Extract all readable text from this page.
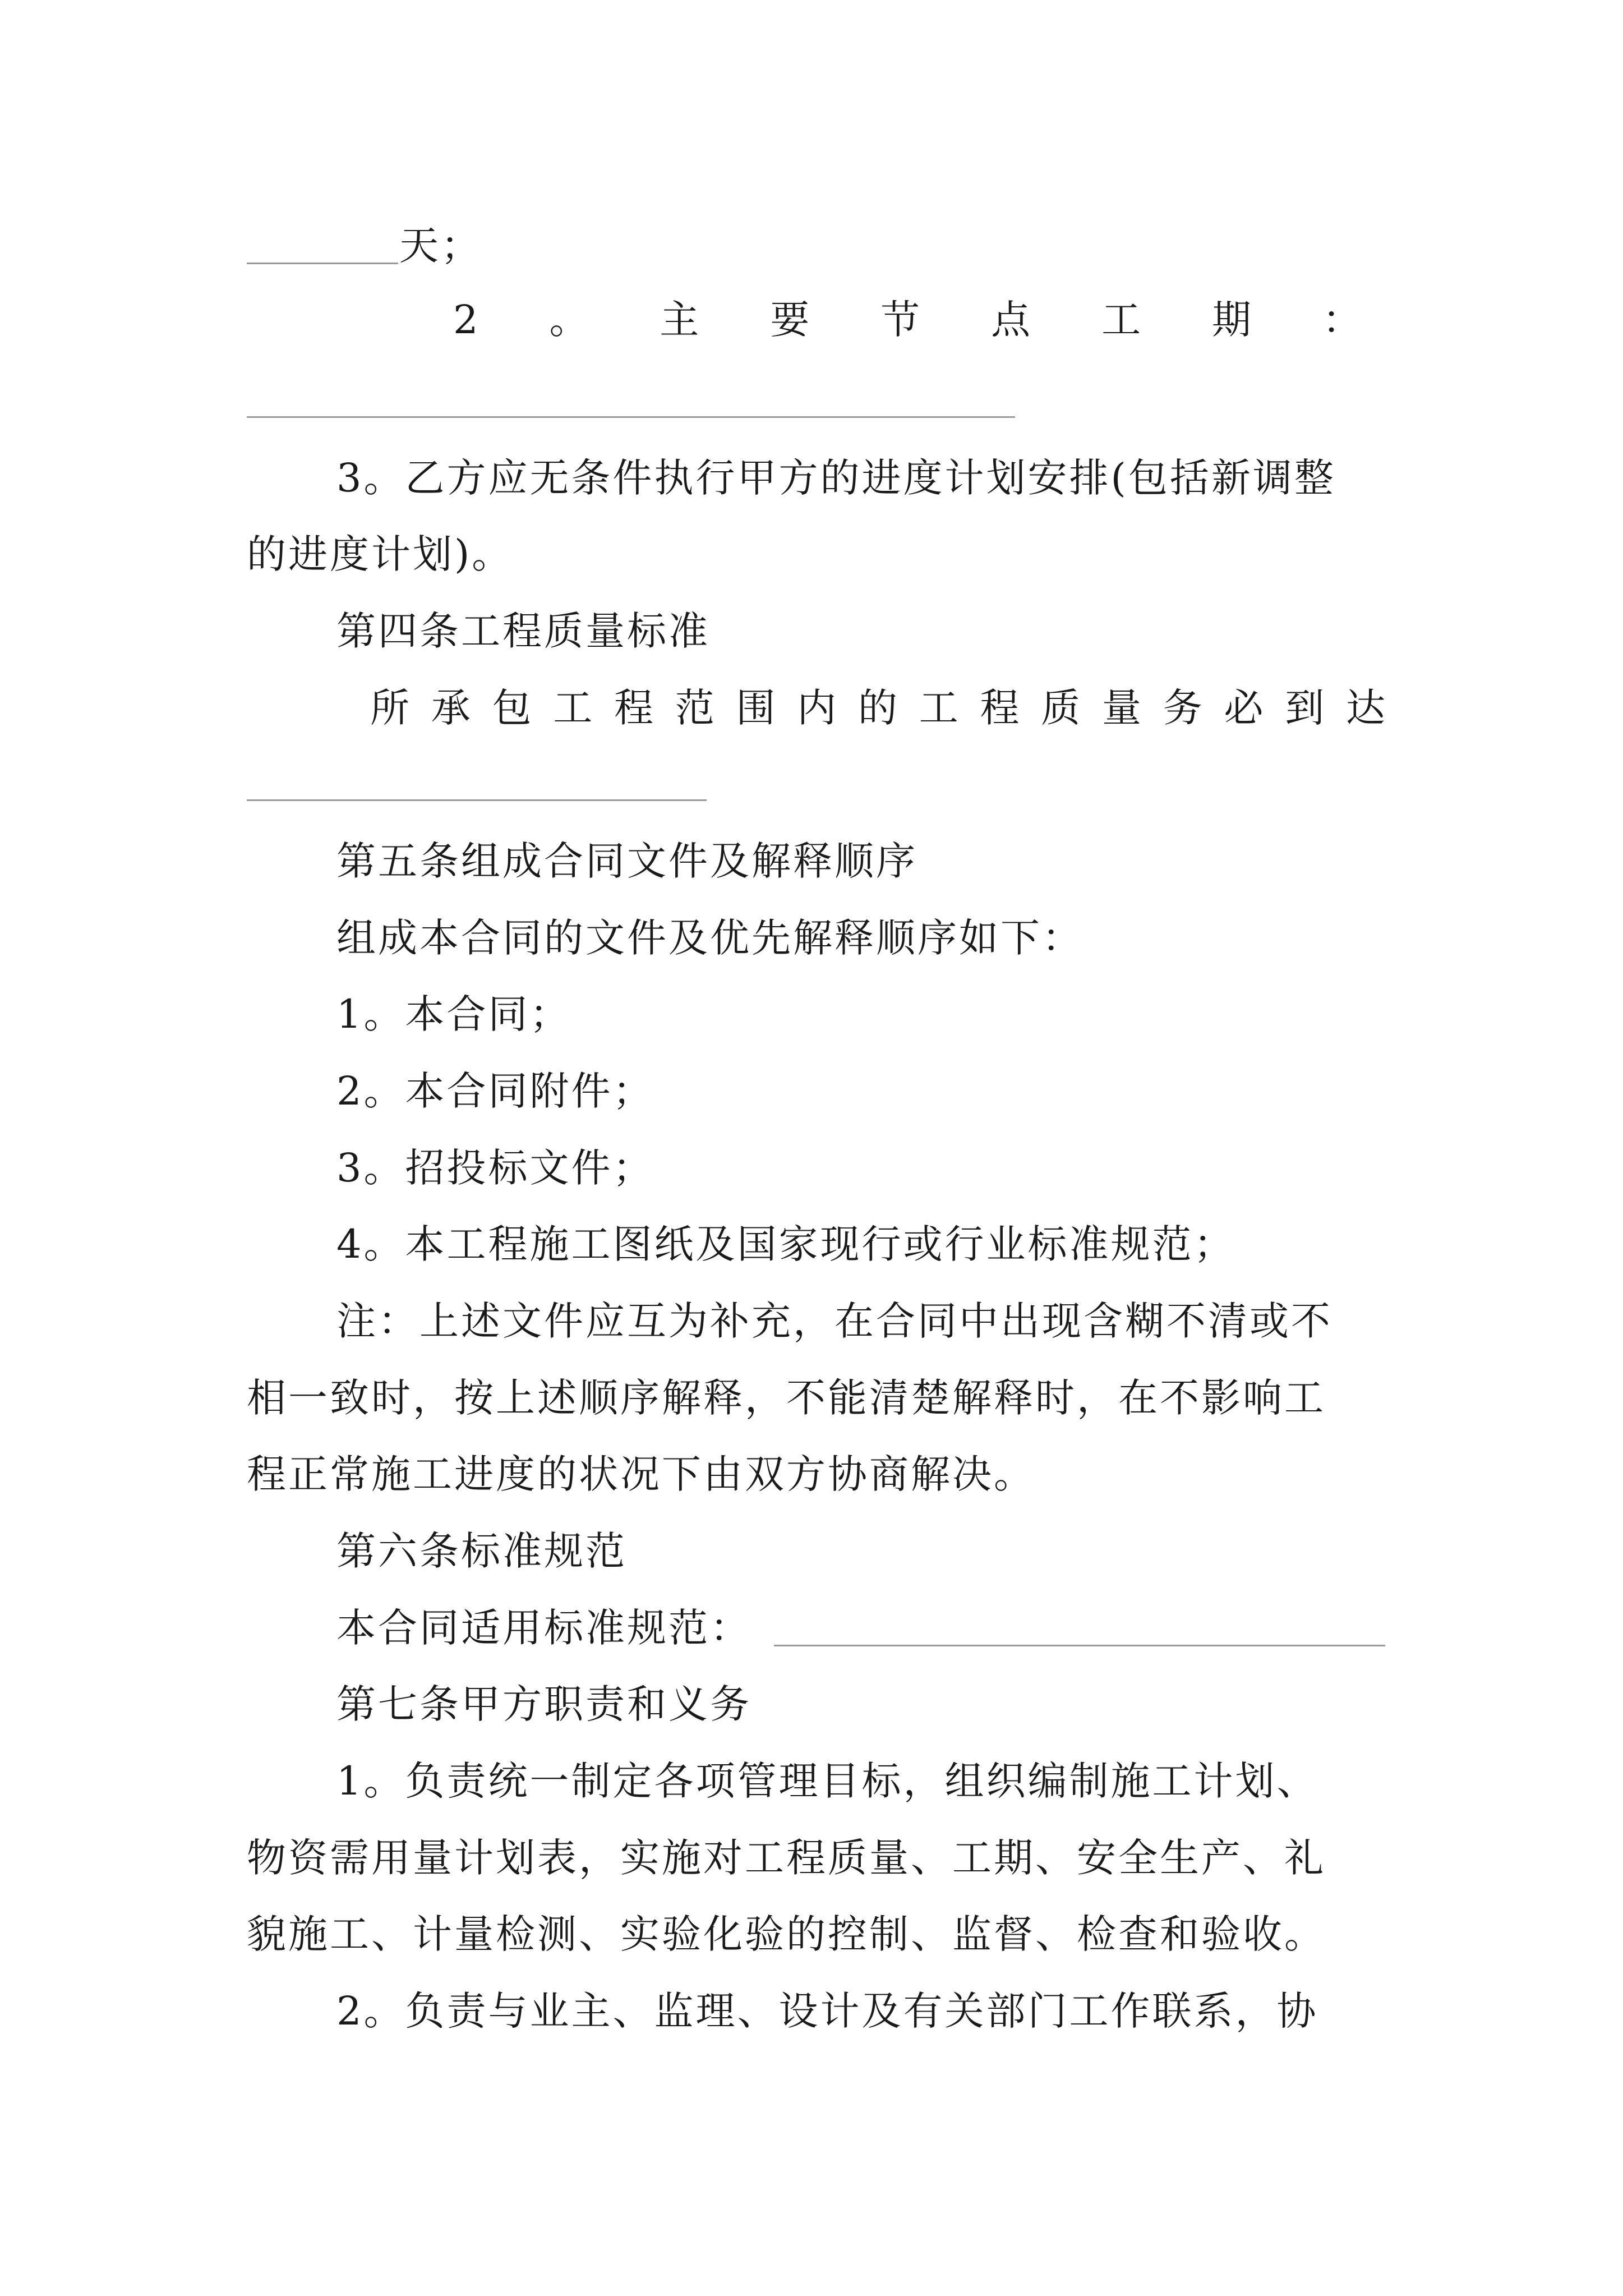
天；
2 。 主 要 节 点 工 期 ：
3。乙方应无条件执行甲方的进度计划安排(包括新调整
的进度计划)。
第四条工程质量标准
所 承 包 工 程 范 围 内 的 工 程 质 量 务 必 到 达
第五条组成合同文件及解释顺序
组成本合同的文件及优先解释顺序如下：
1。本合同；
2。本合同附件；
3。招投标文件；
4。本工程施工图纸及国家现行或行业标准规范；
注：上述文件应互为补充，在合同中出现含糊不清或不
相一致时，按上述顺序解释，不能清楚解释时，在不影响工
程正常施工进度的状况下由双方协商解决。
第六条标准规范
本合同适用标准规范：
第七条甲方职责和义务
1。负责统一制定各项管理目标，组织编制施工计划、
物资需用量计划表，实施对工程质量、工期、安全生产、礼
貌施工、计量检测、实验化验的控制、监督、检查和验收。
2。负责与业主、监理、设计及有关部门工作联系，协
